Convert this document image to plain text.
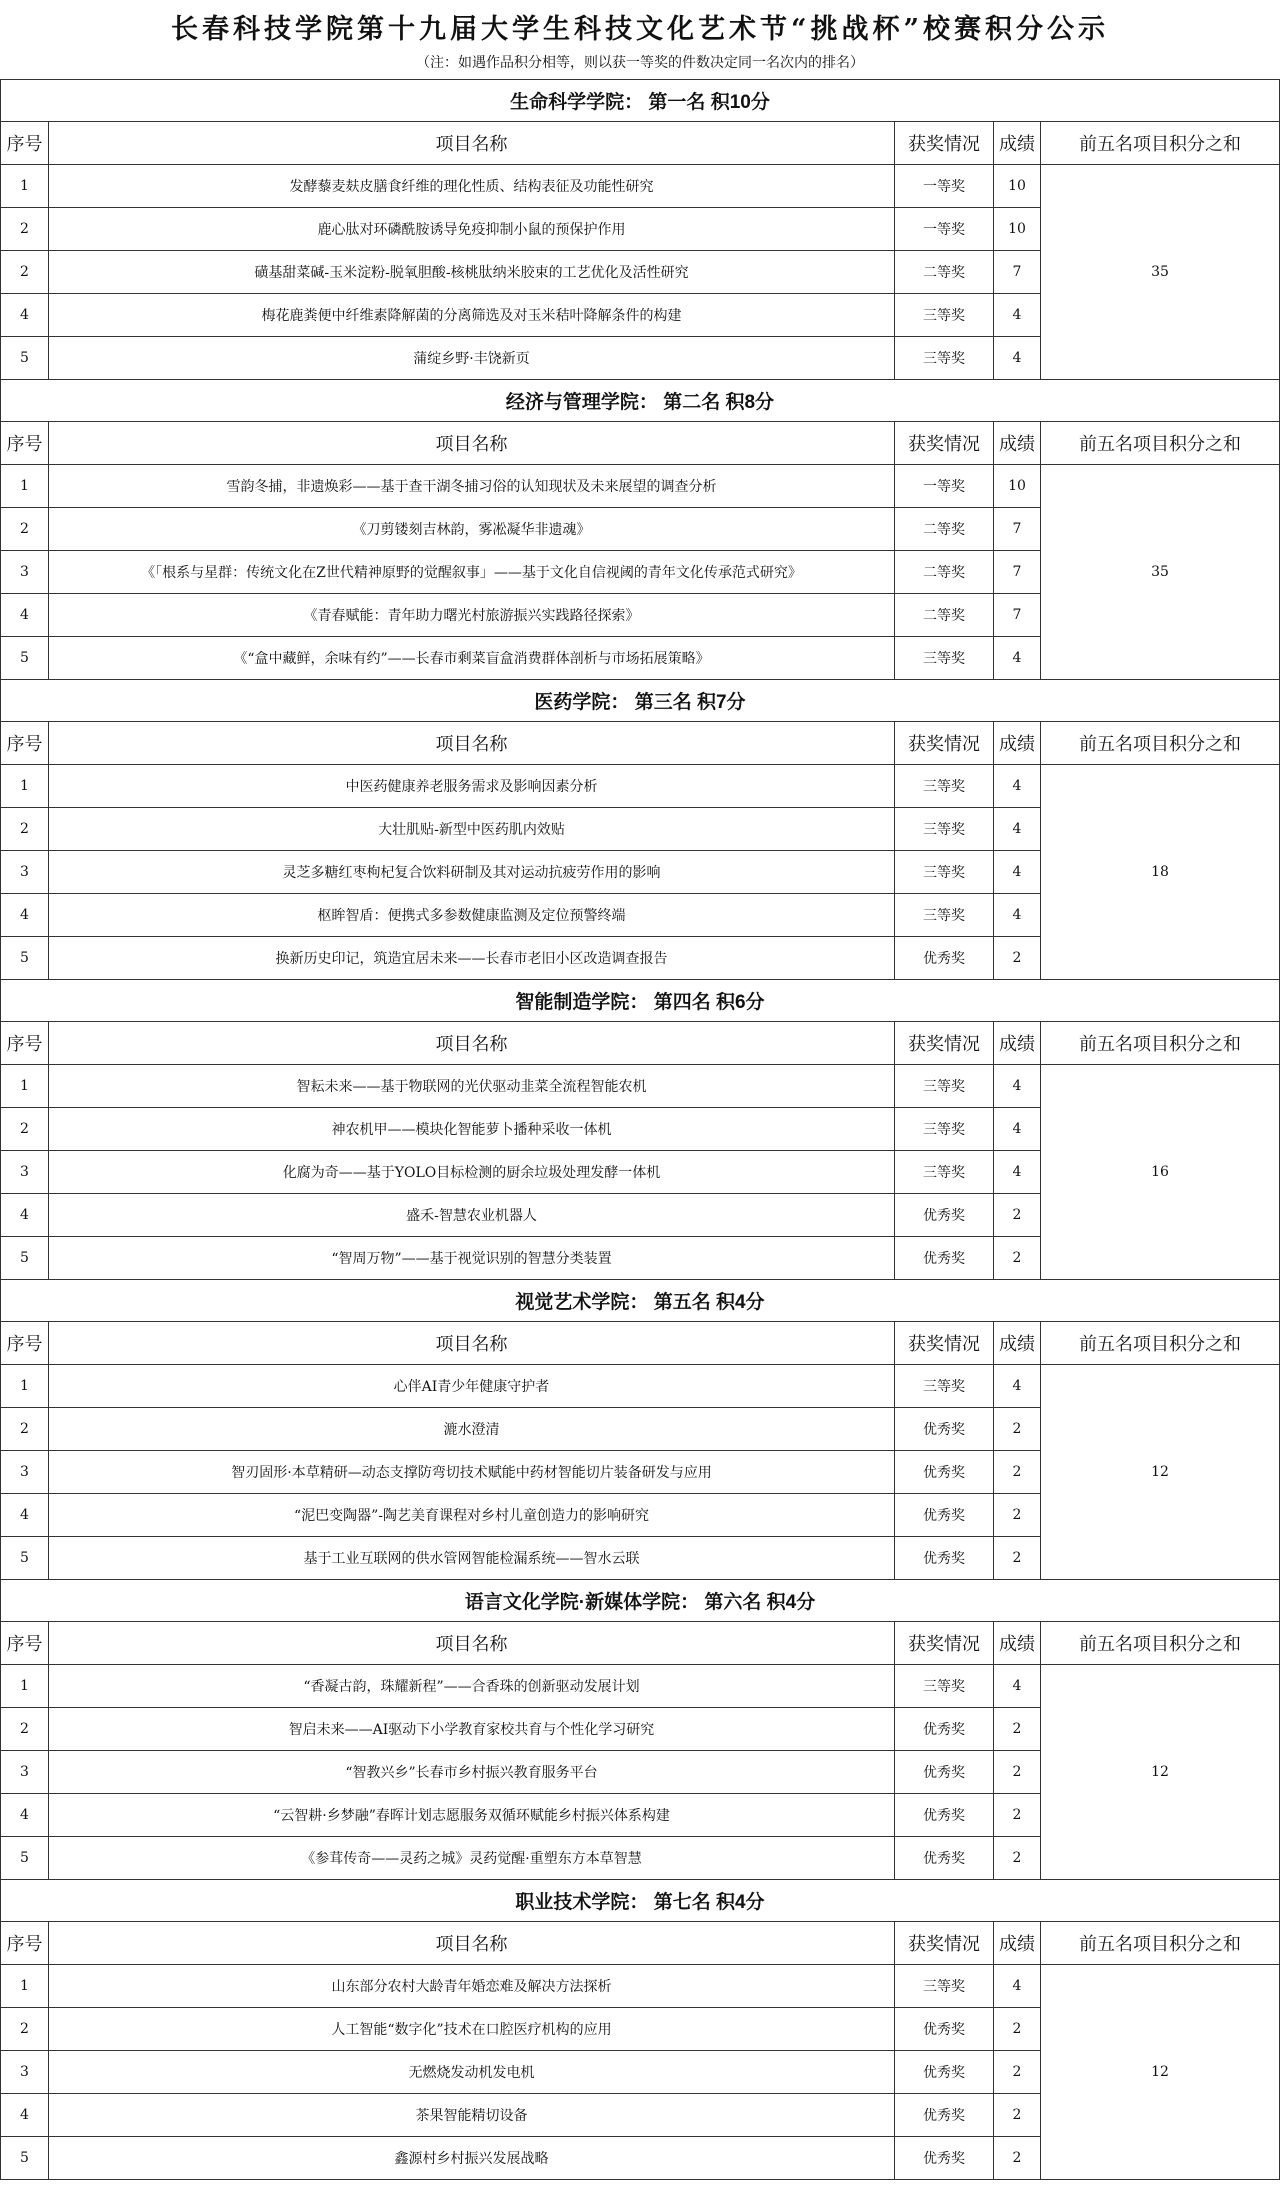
长春科技学院第十九届大学生科技文化艺术节“挑战杯”校赛积分公示
（注：如遇作品积分相等，则以获一等奖的件数决定同一名次内的排名）
生命科学学院： 第一名 积10分				
序号	项目名称	获奖情况	成绩	前五名项目积分之和
1	发酵藜麦麸皮膳食纤维的理化性质、结构表征及功能性研究	一等奖	10	35
2	鹿心肽对环磷酰胺诱导免疫抑制小鼠的预保护作用	一等奖	10	
2	磺基甜菜碱-玉米淀粉-脱氧胆酸-核桃肽纳米胶束的工艺优化及活性研究	二等奖	7	
4	梅花鹿粪便中纤维素降解菌的分离筛选及对玉米秸叶降解条件的构建	三等奖	4	
5	蒲绽乡野·丰饶新页	三等奖	4	
经济与管理学院： 第二名 积8分				
序号	项目名称	获奖情况	成绩	前五名项目积分之和
1	雪韵冬捕，非遗焕彩——基于查干湖冬捕习俗的认知现状及未来展望的调查分析	一等奖	10	35
2	《刀剪镂刻吉林韵，雾凇凝华非遗魂》	二等奖	7	
3	《「根系与星群：传统文化在Z世代精神原野的觉醒叙事」——基于文化自信视阈的青年文化传承范式研究》	二等奖	7	
4	《青春赋能：青年助力曙光村旅游振兴实践路径探索》	二等奖	7	
5	《“盒中藏鲜，余味有约”——长春市剩菜盲盒消费群体剖析与市场拓展策略》	三等奖	4	
医药学院： 第三名 积7分				
序号	项目名称	获奖情况	成绩	前五名项目积分之和
1	中医药健康养老服务需求及影响因素分析	三等奖	4	18
2	大壮肌贴-新型中医药肌内效贴	三等奖	4	
3	灵芝多糖红枣枸杞复合饮料研制及其对运动抗疲劳作用的影响	三等奖	4	
4	枢眸智盾：便携式多参数健康监测及定位预警终端	三等奖	4	
5	换新历史印记，筑造宜居未来——长春市老旧小区改造调查报告	优秀奖	2	
智能制造学院： 第四名 积6分				
序号	项目名称	获奖情况	成绩	前五名项目积分之和
1	智耘未来——基于物联网的光伏驱动韭菜全流程智能农机	三等奖	4	16
2	神农机甲——模块化智能萝卜播种采收一体机	三等奖	4	
3	化腐为奇——基于YOLO目标检测的厨余垃圾处理发酵一体机	三等奖	4	
4	盛禾-智慧农业机器人	优秀奖	2	
5	“智周万物”——基于视觉识别的智慧分类装置	优秀奖	2	
视觉艺术学院： 第五名 积4分				
序号	项目名称	获奖情况	成绩	前五名项目积分之和
1	心伴AI青少年健康守护者	三等奖	4	12
2	漉水澄清	优秀奖	2	
3	智刃固形·本草精研—动态支撑防弯切技术赋能中药材智能切片装备研发与应用	优秀奖	2	
4	“泥巴变陶器”-陶艺美育课程对乡村儿童创造力的影响研究	优秀奖	2	
5	基于工业互联网的供水管网智能检漏系统——智水云联	优秀奖	2	
语言文化学院·新媒体学院： 第六名 积4分				
序号	项目名称	获奖情况	成绩	前五名项目积分之和
1	“香凝古韵，珠耀新程”——合香珠的创新驱动发展计划	三等奖	4	12
2	智启未来——AI驱动下小学教育家校共育与个性化学习研究	优秀奖	2	
3	“智教兴乡”长春市乡村振兴教育服务平台	优秀奖	2	
4	“云智耕·乡梦融”春晖计划志愿服务双循环赋能乡村振兴体系构建	优秀奖	2	
5	《参茸传奇——灵药之城》灵药觉醒·重塑东方本草智慧	优秀奖	2	
职业技术学院： 第七名 积4分				
序号	项目名称	获奖情况	成绩	前五名项目积分之和
1	山东部分农村大龄青年婚恋难及解决方法探析	三等奖	4	12
2	人工智能“数字化”技术在口腔医疗机构的应用	优秀奖	2	
3	无燃烧发动机发电机	优秀奖	2	
4	茶果智能精切设备	优秀奖	2	
5	鑫源村乡村振兴发展战略	优秀奖	2	
